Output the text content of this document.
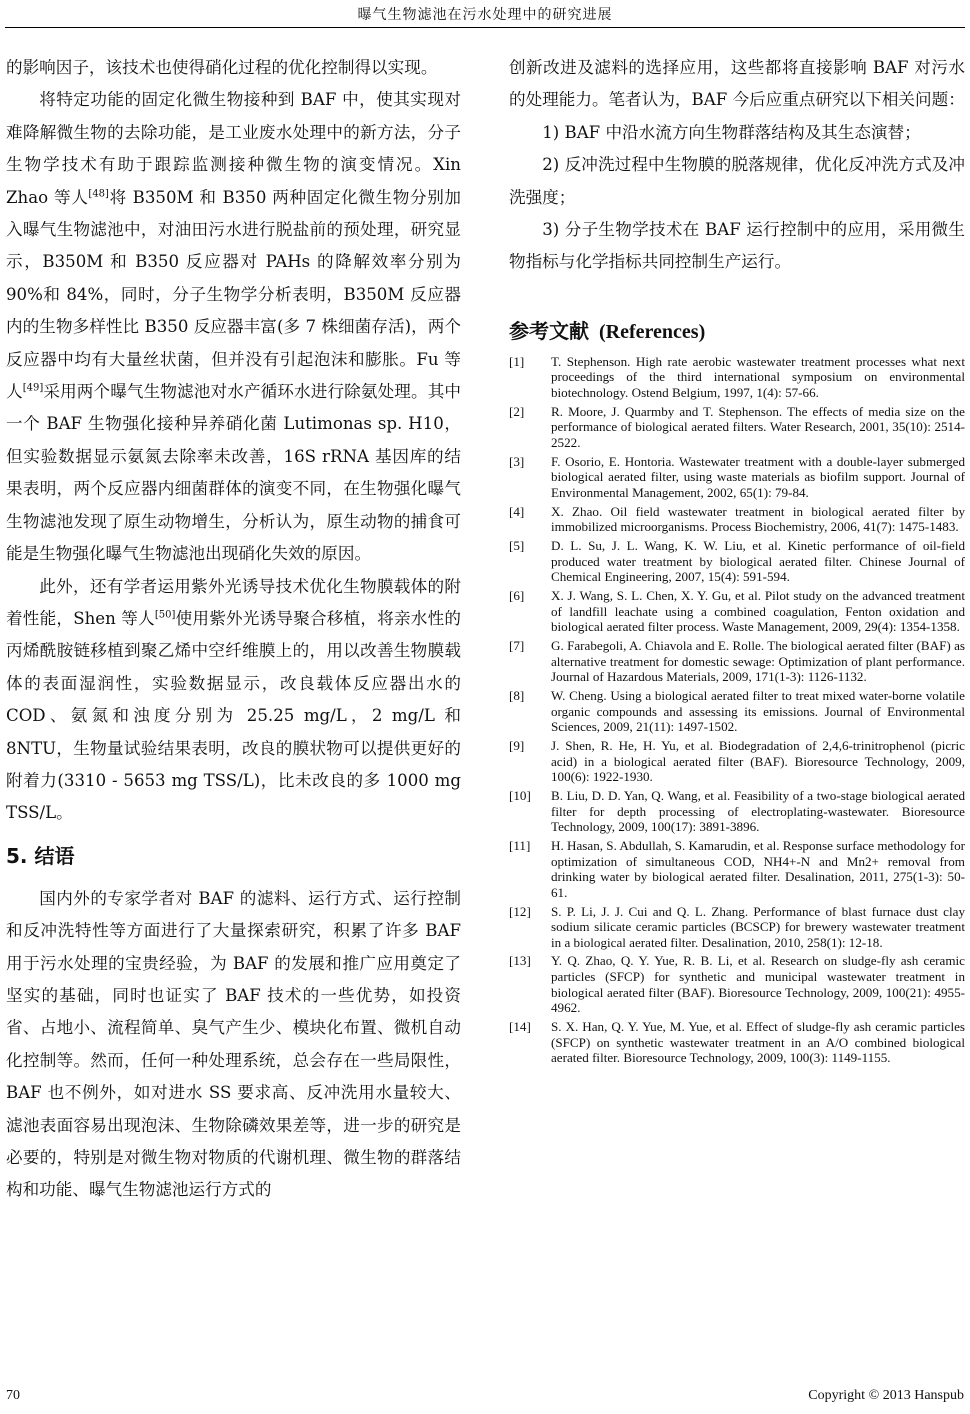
曝气生物滤池在污水处理中的研究进展

的影响因子，该技术也使得硝化过程的优化控制得以实现。

将特定功能的固定化微生物接种到 BAF 中，使其实现对难降解微生物的去除功能，是工业废水处理中的新方法，分子生物学技术有助于跟踪监测接种微生物的演变情况。Xin Zhao 等人[48]将 B350M 和 B350 两种固定化微生物分别加入曝气生物滤池中，对油田污水进行脱盐前的预处理，研究显示，B350M 和 B350 反应器对 PAHs 的降解效率分别为 90%和 84%，同时，分子生物学分析表明，B350M 反应器内的生物多样性比 B350 反应器丰富(多 7 株细菌存活)，两个反应器中均有大量丝状菌，但并没有引起泡沫和膨胀。Fu 等人[49]采用两个曝气生物滤池对水产循环水进行除氨处理。其中一个 BAF 生物强化接种异养硝化菌 Lutimonas sp. H10，但实验数据显示氨氮去除率未改善，16S rRNA 基因库的结果表明，两个反应器内细菌群体的演变不同，在生物强化曝气生物滤池发现了原生动物增生，分析认为，原生动物的捕食可能是生物强化曝气生物滤池出现硝化失效的原因。

此外，还有学者运用紫外光诱导技术优化生物膜载体的附着性能，Shen 等人[50]使用紫外光诱导聚合移植，将亲水性的丙烯酰胺链移植到聚乙烯中空纤维膜上的，用以改善生物膜载体的表面湿润性，实验数据显示，改良载体反应器出水的 COD、氨氮和浊度分别为 25.25 mg/L，2 mg/L 和 8NTU，生物量试验结果表明，改良的膜状物可以提供更好的附着力(3310 - 5653 mg TSS/L)，比未改良的多 1000 mg TSS/L。

5. 结语

国内外的专家学者对 BAF 的滤料、运行方式、运行控制和反冲洗特性等方面进行了大量探索研究，积累了许多 BAF 用于污水处理的宝贵经验，为 BAF 的发展和推广应用奠定了坚实的基础，同时也证实了 BAF 技术的一些优势，如投资省、占地小、流程简单、臭气产生少、模块化布置、微机自动化控制等。然而，任何一种处理系统，总会存在一些局限性，BAF 也不例外，如对进水 SS 要求高、反冲洗用水量较大、滤池表面容易出现泡沫、生物除磷效果差等，进一步的研究是必要的，特别是对微生物对物质的代谢机理、微生物的群落结构和功能、曝气生物滤池运行方式的

创新改进及滤料的选择应用，这些都将直接影响 BAF 对污水的处理能力。笔者认为，BAF 今后应重点研究以下相关问题：

1) BAF 中沿水流方向生物群落结构及其生态演替；

2) 反冲洗过程中生物膜的脱落规律，优化反冲洗方式及冲洗强度；

3) 分子生物学技术在 BAF 运行控制中的应用，采用微生物指标与化学指标共同控制生产运行。

参考文献 (References)
[1]	T. Stephenson. High rate aerobic wastewater treatment processes what next proceedings of the third international symposium on environmental biotechnology. Ostend Belgium, 1997, 1(4): 57-66.
[2]	R. Moore, J. Quarmby and T. Stephenson. The effects of media size on the performance of biological aerated filters. Water Research, 2001, 35(10): 2514-2522.
[3]	F. Osorio, E. Hontoria. Wastewater treatment with a double-layer submerged biological aerated filter, using waste materials as biofilm support. Journal of Environmental Management, 2002, 65(1): 79-84.
[4]	X. Zhao. Oil field wastewater treatment in biological aerated filter by immobilized microorganisms. Process Biochemistry, 2006, 41(7): 1475-1483.
[5]	D. L. Su, J. L. Wang, K. W. Liu, et al. Kinetic performance of oil-field produced water treatment by biological aerated filter. Chinese Journal of Chemical Engineering, 2007, 15(4): 591-594.
[6]	X. J. Wang, S. L. Chen, X. Y. Gu, et al. Pilot study on the advanced treatment of landfill leachate using a combined coagulation, Fenton oxidation and biological aerated filter process. Waste Management, 2009, 29(4): 1354-1358.
[7]	G. Farabegoli, A. Chiavola and E. Rolle. The biological aerated filter (BAF) as alternative treatment for domestic sewage: Optimization of plant performance. Journal of Hazardous Materials, 2009, 171(1-3): 1126-1132.
[8]	W. Cheng. Using a biological aerated filter to treat mixed water-borne volatile organic compounds and assessing its emissions. Journal of Environmental Sciences, 2009, 21(11): 1497-1502.
[9]	J. Shen, R. He, H. Yu, et al. Biodegradation of 2,4,6-trinitrophenol (picric acid) in a biological aerated filter (BAF). Bioresource Technology, 2009, 100(6): 1922-1930.
[10]	B. Liu, D. D. Yan, Q. Wang, et al. Feasibility of a two-stage biological aerated filter for depth processing of electroplating-wastewater. Bioresource Technology, 2009, 100(17): 3891-3896.
[11]	H. Hasan, S. Abdullah, S. Kamarudin, et al. Response surface methodology for optimization of simultaneous COD, NH4+-N and Mn2+ removal from drinking water by biological aerated filter. Desalination, 2011, 275(1-3): 50-61.
[12]	S. P. Li, J. J. Cui and Q. L. Zhang. Performance of blast furnace dust clay sodium silicate ceramic particles (BCSCP) for brewery wastewater treatment in a biological aerated filter. Desalination, 2010, 258(1): 12-18.
[13]	Y. Q. Zhao, Q. Y. Yue, R. B. Li, et al. Research on sludge-fly ash ceramic particles (SFCP) for synthetic and municipal wastewater treatment in biological aerated filter (BAF). Bioresource Technology, 2009, 100(21): 4955-4962.
[14]	S. X. Han, Q. Y. Yue, M. Yue, et al. Effect of sludge-fly ash ceramic particles (SFCP) on synthetic wastewater treatment in an A/O combined biological aerated filter. Bioresource Technology, 2009, 100(3): 1149-1155.
70	Copyright © 2013 Hanspub
